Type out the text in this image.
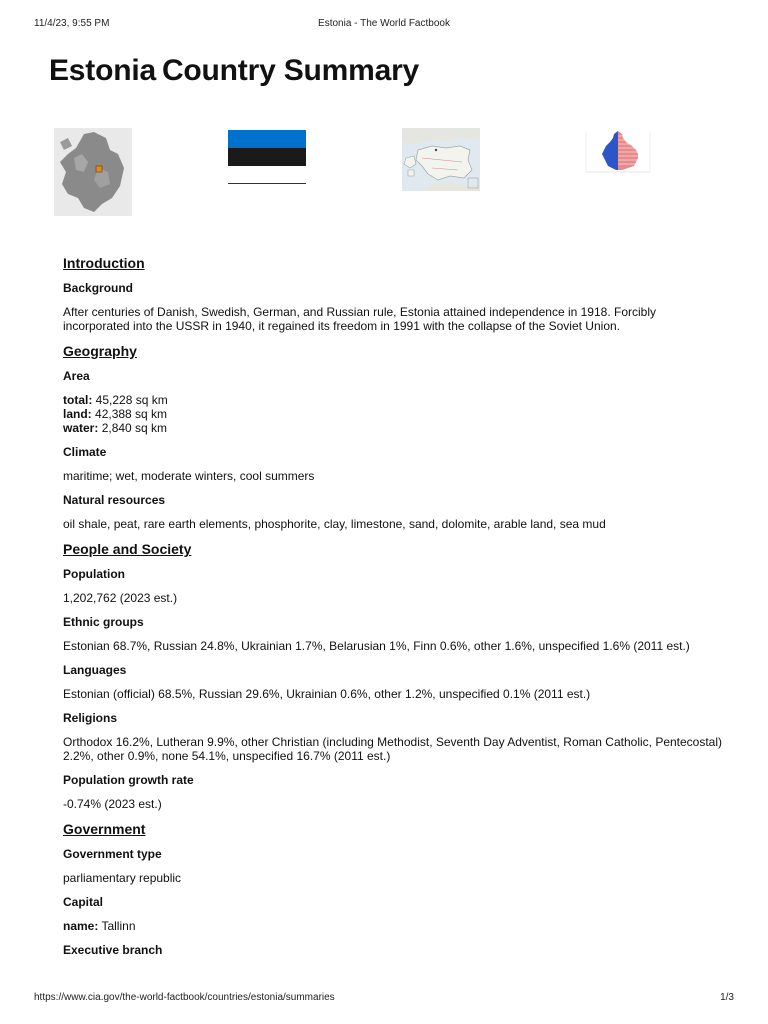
11/4/23, 9:55 PM	Estonia - The World Factbook
Estonia Country Summary
Introduction
Background
After centuries of Danish, Swedish, German, and Russian rule, Estonia attained independence in 1918. Forcibly incorporated into the USSR in 1940, it regained its freedom in 1991 with the collapse of the Soviet Union.
Geography
Area
total: 45,228 sq km
land: 42,388 sq km
water: 2,840 sq km
Climate
maritime; wet, moderate winters, cool summers
Natural resources
oil shale, peat, rare earth elements, phosphorite, clay, limestone, sand, dolomite, arable land, sea mud
People and Society
Population
1,202,762 (2023 est.)
Ethnic groups
Estonian 68.7%, Russian 24.8%, Ukrainian 1.7%, Belarusian 1%, Finn 0.6%, other 1.6%, unspecified 1.6% (2011 est.)
Languages
Estonian (official) 68.5%, Russian 29.6%, Ukrainian 0.6%, other 1.2%, unspecified 0.1% (2011 est.)
Religions
Orthodox 16.2%, Lutheran 9.9%, other Christian (including Methodist, Seventh Day Adventist, Roman Catholic, Pentecostal) 2.2%, other 0.9%, none 54.1%, unspecified 16.7% (2011 est.)
Population growth rate
-0.74% (2023 est.)
Government
Government type
parliamentary republic
Capital
name: Tallinn
Executive branch
https://www.cia.gov/the-world-factbook/countries/estonia/summaries	1/3
